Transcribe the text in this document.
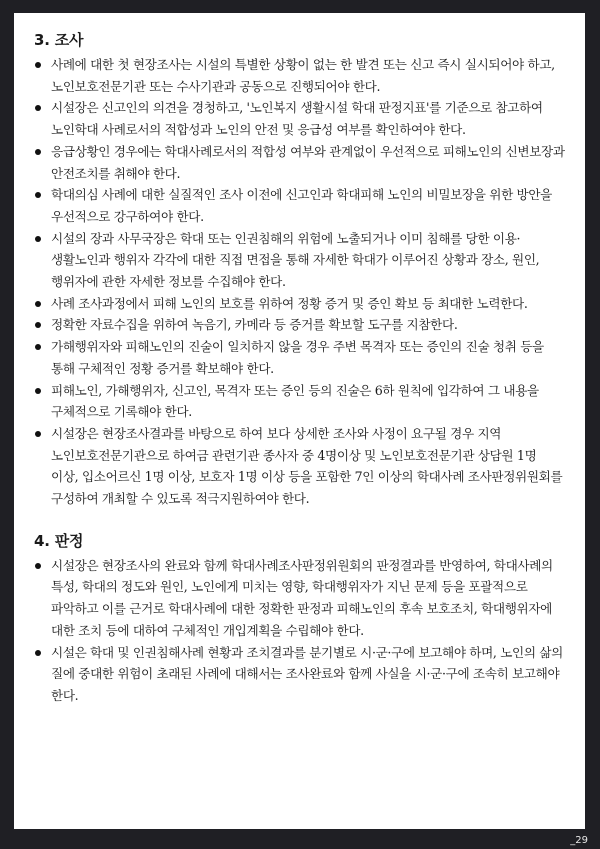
3. 조사
사례에 대한 첫 현장조사는 시설의 특별한 상황이 없는 한 발견 또는 신고 즉시 실시되어야 하고, 노인보호전문기관 또는 수사기관과 공동으로 진행되어야 한다.
시설장은 신고인의 의견을 경청하고, '노인복지 생활시설 학대 판정지표'를 기준으로 참고하여 노인학대 사례로서의 적합성과 노인의 안전 및 응급성 여부를 확인하여야 한다.
응급상황인 경우에는 학대사례로서의 적합성 여부와 관계없이 우선적으로 피해노인의 신변보장과 안전조치를 취해야 한다.
학대의심 사례에 대한 실질적인 조사 이전에 신고인과 학대피해 노인의 비밀보장을 위한 방안을 우선적으로 강구하여야 한다.
시설의 장과 사무국장은 학대 또는 인권침해의 위험에 노출되거나 이미 침해를 당한 이용·생활노인과 행위자 각각에 대한 직접 면접을 통해 자세한 학대가 이루어진 상황과 장소, 원인, 행위자에 관한 자세한 정보를 수집해야 한다.
사례 조사과정에서 피해 노인의 보호를 위하여 정황 증거 및 증인 확보 등 최대한 노력한다.
정확한 자료수집을 위하여 녹음기, 카메라 등 증거를 확보할 도구를 지참한다.
가해행위자와 피해노인의 진술이 일치하지 않을 경우 주변 목격자 또는 증인의 진술 청취 등을 통해 구체적인 정황 증거를 확보해야 한다.
피해노인, 가해행위자, 신고인, 목격자 또는 증인 등의 진술은 6하 원칙에 입각하여 그 내용을 구체적으로 기록해야 한다.
시설장은 현장조사결과를 바탕으로 하여 보다 상세한 조사와 사정이 요구될 경우 지역 노인보호전문기관으로 하여금 관련기관 종사자 중 4명이상 및 노인보호전문기관 상담원 1명 이상, 입소어르신 1명 이상, 보호자 1명 이상 등을 포함한 7인 이상의 학대사례 조사판정위원회를 구성하여 개최할 수 있도록 적극지원하여야 한다.
4. 판정
시설장은 현장조사의 완료와 함께 학대사례조사판정위원회의 판정결과를 반영하여, 학대사례의 특성, 학대의 정도와 원인, 노인에게 미치는 영향, 학대행위자가 지닌 문제 등을 포괄적으로 파악하고 이를 근거로 학대사례에 대한 정확한 판정과 피해노인의 후속 보호조치, 학대행위자에 대한 조치 등에 대하여 구체적인 개입계획을 수립해야 한다.
시설은 학대 및 인권침해사례 현황과 조치결과를 분기별로 시·군·구에 보고해야 하며, 노인의 삶의 질에 중대한 위험이 초래된 사례에 대해서는 조사완료와 함께 사실을 시·군·구에 조속히 보고해야 한다.
_29
